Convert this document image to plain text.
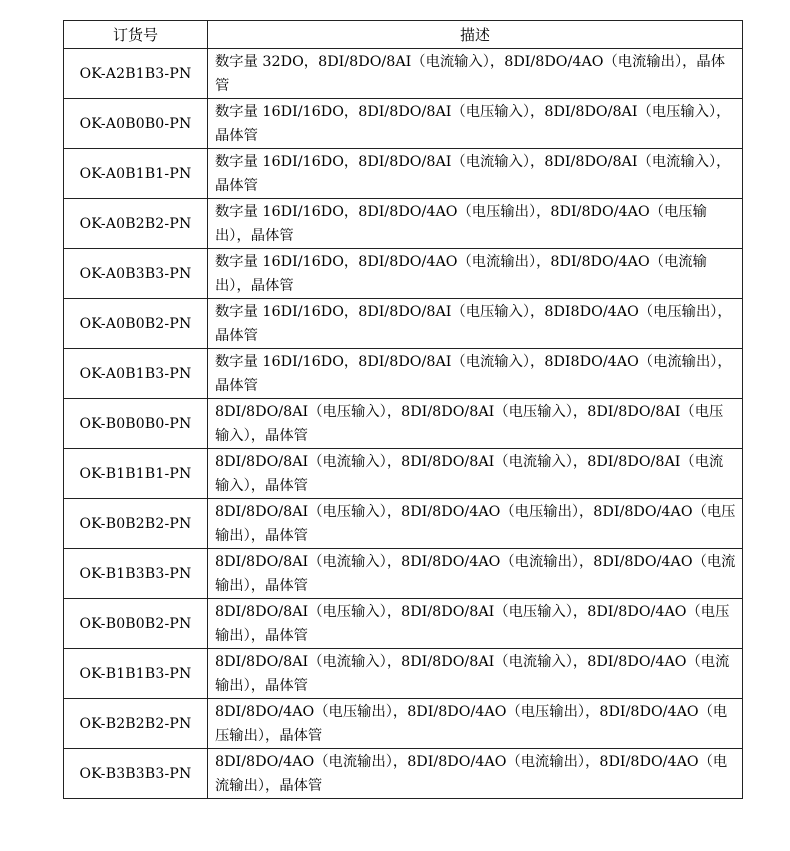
订货号	描述
OK-A2B1B3-PN	数字量 32DO，8DI/8DO/8AI（电流输入），8DI/8DO/4AO（电流输出），晶体管
OK-A0B0B0-PN	数字量 16DI/16DO，8DI/8DO/8AI（电压输入），8DI/8DO/8AI（电压输入），晶体管
OK-A0B1B1-PN	数字量 16DI/16DO，8DI/8DO/8AI（电流输入），8DI/8DO/8AI（电流输入），晶体管
OK-A0B2B2-PN	数字量 16DI/16DO，8DI/8DO/4AO（电压输出），8DI/8DO/4AO（电压输出），晶体管
OK-A0B3B3-PN	数字量 16DI/16DO，8DI/8DO/4AO（电流输出），8DI/8DO/4AO（电流输出），晶体管
OK-A0B0B2-PN	数字量 16DI/16DO，8DI/8DO/8AI（电压输入），8DI8DO/4AO（电压输出），晶体管
OK-A0B1B3-PN	数字量 16DI/16DO，8DI/8DO/8AI（电流输入），8DI8DO/4AO（电流输出），晶体管
OK-B0B0B0-PN	8DI/8DO/8AI（电压输入），8DI/8DO/8AI（电压输入），8DI/8DO/8AI（电压输入），晶体管
OK-B1B1B1-PN	8DI/8DO/8AI（电流输入），8DI/8DO/8AI（电流输入），8DI/8DO/8AI（电流输入），晶体管
OK-B0B2B2-PN	8DI/8DO/8AI（电压输入），8DI/8DO/4AO（电压输出），8DI/8DO/4AO（电压输出），晶体管
OK-B1B3B3-PN	8DI/8DO/8AI（电流输入），8DI/8DO/4AO（电流输出），8DI/8DO/4AO（电流输出），晶体管
OK-B0B0B2-PN	8DI/8DO/8AI（电压输入），8DI/8DO/8AI（电压输入），8DI/8DO/4AO（电压输出），晶体管
OK-B1B1B3-PN	8DI/8DO/8AI（电流输入），8DI/8DO/8AI（电流输入），8DI/8DO/4AO（电流输出），晶体管
OK-B2B2B2-PN	8DI/8DO/4AO（电压输出），8DI/8DO/4AO（电压输出），8DI/8DO/4AO（电压输出），晶体管
OK-B3B3B3-PN	8DI/8DO/4AO（电流输出），8DI/8DO/4AO（电流输出），8DI/8DO/4AO（电流输出），晶体管
